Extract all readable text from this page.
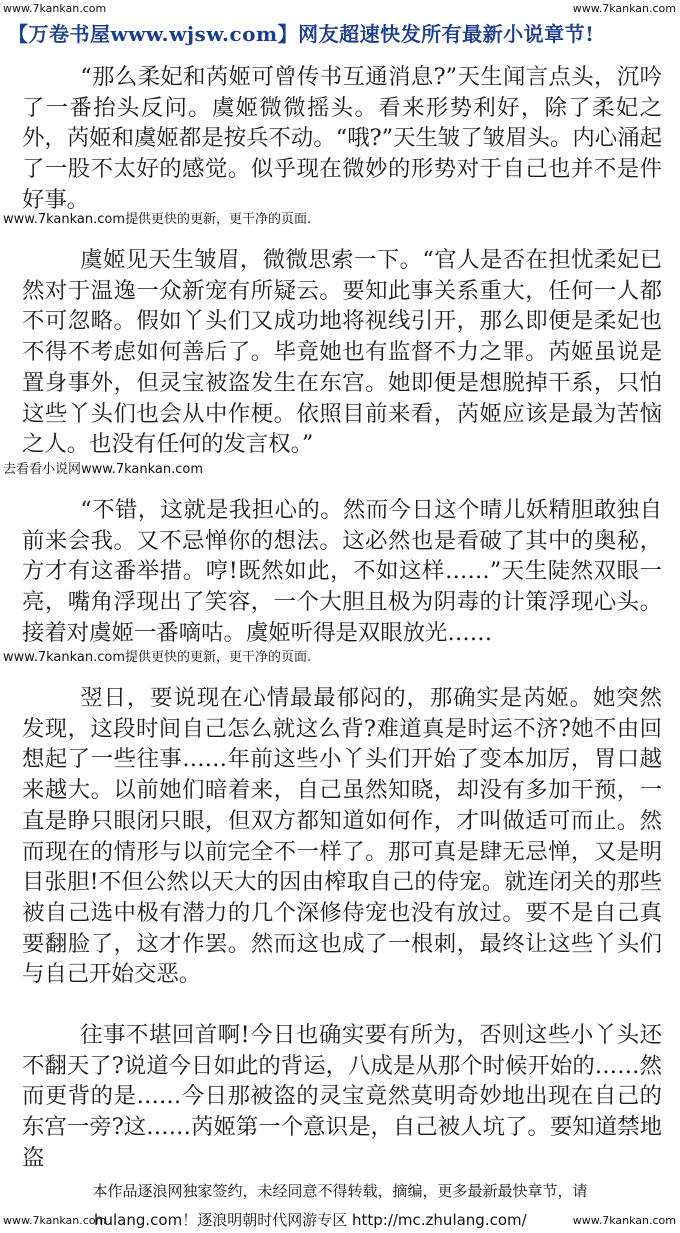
www.7kankan.com	www.7kankan.com
【万卷书屋www.wjsw.com】网友超速快发所有最新小说章节!

“那么柔妃和芮姬可曾传书互通消息?”天生闻言点头，沉吟了一番抬头反问。虞姬微微摇头。看来形势利好，除了柔妃之外，芮姬和虞姬都是按兵不动。“哦?”天生皱了皱眉头。内心涌起了一股不太好的感觉。似乎现在微妙的形势对于自己也并不是件好事。

www.7kankan.com提供更快的更新，更干净的页面.

虞姬见天生皱眉，微微思索一下。“官人是否在担忧柔妃已然对于温逸一众新宠有所疑云。要知此事关系重大，任何一人都不可忽略。假如丫头们又成功地将视线引开，那么即便是柔妃也不得不考虑如何善后了。毕竟她也有监督不力之罪。芮姬虽说是置身事外，但灵宝被盗发生在东宫。她即便是想脱掉干系，只怕这些丫头们也会从中作梗。依照目前来看，芮姬应该是最为苦恼之人。也没有任何的发言权。”

去看看小说网www.7kankan.com

“不错，这就是我担心的。然而今日这个晴儿妖精胆敢独自前来会我。又不忌惮你的想法。这必然也是看破了其中的奥秘，方才有这番举措。哼!既然如此，不如这样……”天生陡然双眼一亮，嘴角浮现出了笑容，一个大胆且极为阴毒的计策浮现心头。接着对虞姬一番嘀咕。虞姬听得是双眼放光……

www.7kankan.com提供更快的更新，更干净的页面.

翌日，要说现在心情最最郁闷的，那确实是芮姬。她突然发现，这段时间自己怎么就这么背?难道真是时运不济?她不由回想起了一些往事……年前这些小丫头们开始了变本加厉，胃口越来越大。以前她们暗着来，自己虽然知晓，却没有多加干预，一直是睁只眼闭只眼，但双方都知道如何作，才叫做适可而止。然而现在的情形与以前完全不一样了。那可真是肆无忌惮，又是明目张胆!不但公然以天大的因由榨取自己的侍宠。就连闭关的那些被自己选中极有潜力的几个深修侍宠也没有放过。要不是自己真要翻脸了，这才作罢。然而这也成了一根刺，最终让这些丫头们与自己开始交恶。

往事不堪回首啊!今日也确实要有所为，否则这些小丫头还不翻天了?说道今日如此的背运，八成是从那个时候开始的……然而更背的是……今日那被盗的灵宝竟然莫明奇妙地出现在自己的东宫一旁?这……芮姬第一个意识是，自己被人坑了。要知道禁地盗

本作品逐浪网独家签约，未经同意不得转载，摘编，更多最新最快章节，请
www.7kankan.com
hulang.com！逐浪明朝时代网游专区 http://mc.zhulang.com/	www.7kankan.com
